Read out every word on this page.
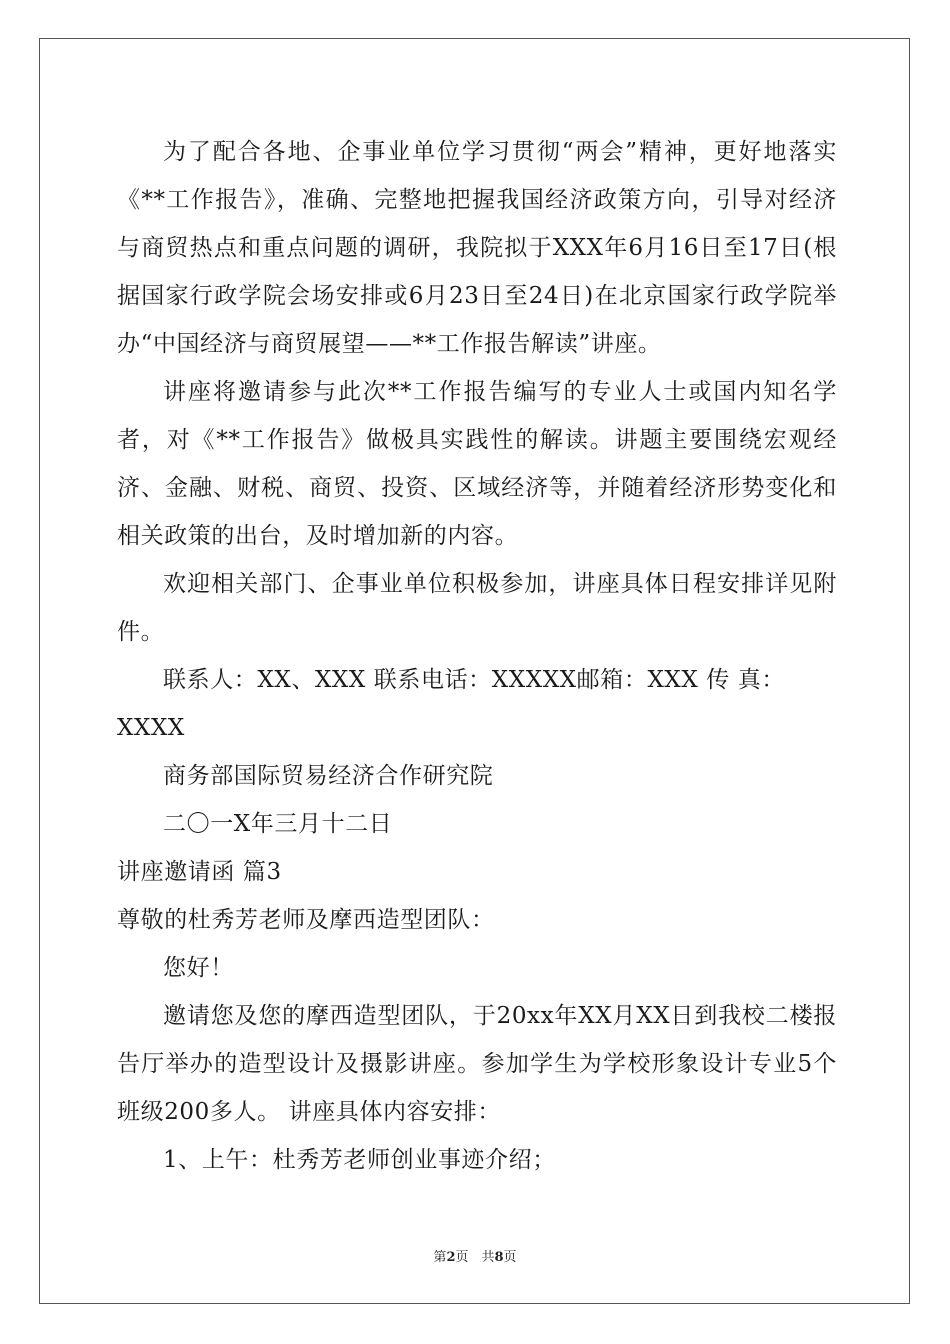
为了配合各地、企事业单位学习贯彻“两会”精神，更好地落实《**工作报告》，准确、完整地把握我国经济政策方向，引导对经济与商贸热点和重点问题的调研，我院拟于XXX年6月16日至17日(根据国家行政学院会场安排或6月23日至24日)在北京国家行政学院举办“中国经济与商贸展望——**工作报告解读”讲座。

讲座将邀请参与此次**工作报告编写的专业人士或国内知名学者，对《**工作报告》做极具实践性的解读。讲题主要围绕宏观经济、金融、财税、商贸、投资、区域经济等，并随着经济形势变化和相关政策的出台，及时增加新的内容。

欢迎相关部门、企事业单位积极参加，讲座具体日程安排详见附件。

联系人：XX、XXX 联系电话：XXXXX邮箱：XXX 传 真：XXXX

商务部国际贸易经济合作研究院

二〇一X年三月十二日

讲座邀请函 篇3

尊敬的杜秀芳老师及摩西造型团队：

您好！

邀请您及您的摩西造型团队，于20xx年XX月XX日到我校二楼报告厅举办的造型设计及摄影讲座。参加学生为学校形象设计专业5个班级200多人。 讲座具体内容安排：

1、上午：杜秀芳老师创业事迹介绍；

第2页　共8页
